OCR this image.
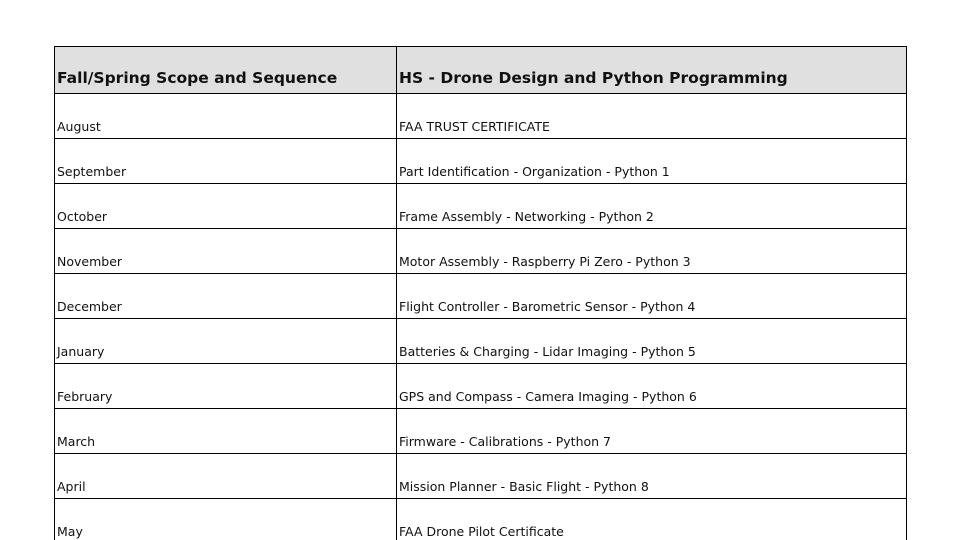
Fall/Spring Scope and Sequence	HS - Drone Design and Python Programming
August	FAA TRUST CERTIFICATE
September	Part Identification - Organization - Python 1
October	Frame Assembly - Networking - Python 2
November	Motor Assembly - Raspberry Pi Zero - Python 3
December	Flight Controller - Barometric Sensor - Python 4
January	Batteries & Charging - Lidar Imaging - Python 5
February	GPS and Compass - Camera Imaging - Python 6
March	Firmware - Calibrations - Python 7
April	Mission Planner - Basic Flight - Python 8
May	FAA Drone Pilot Certificate
